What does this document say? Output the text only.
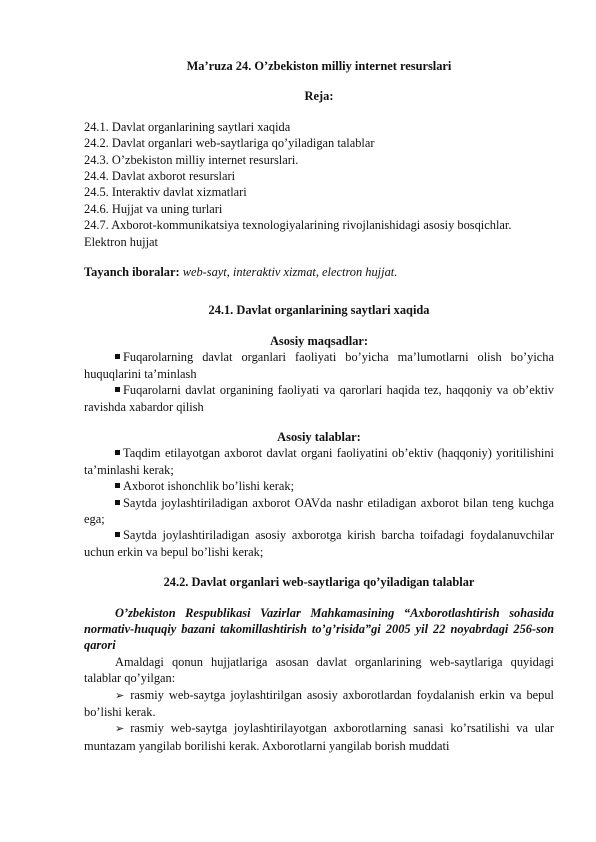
Ma’ruza 24. O’zbekiston milliy internet resurslari

Reja:

24.1. Davlat organlarining saytlari xaqida

24.2. Davlat organlari web-saytlariga qo’yiladigan talablar

24.3. O’zbekiston milliy internet resurslari.

24.4. Davlat axborot resurslari

24.5. Interaktiv davlat xizmatlari

24.6. Hujjat va uning turlari

24.7. Axborot-kommunikatsiya texnologiyalarining rivojlanishidagi asosiy bosqichlar. Elektron hujjat

Tayanch iboralar: web-sayt, interaktiv xizmat, electron hujjat.

24.1. Davlat organlarining saytlari xaqida

Asosiy maqsadlar:

Fuqarolarning davlat organlari faoliyati bo’yicha ma’lumotlarni olish bo’yicha huquqlarini ta’minlash

Fuqarolarni davlat organining faoliyati va qarorlari haqida tez, haqqoniy va ob’ektiv ravishda xabardor qilish

Asosiy talablar:

Taqdim etilayotgan axborot davlat organi faoliyatini ob’ektiv (haqqoniy) yoritilishini ta’minlashi kerak;

Axborot ishonchlik bo’lishi kerak;

Saytda joylashtiriladigan axborot OAVda nashr etiladigan axborot bilan teng kuchga ega;

Saytda joylashtiriladigan asosiy axborotga kirish barcha toifadagi foydalanuvchilar uchun erkin va bepul bo’lishi kerak;

24.2. Davlat organlari web-saytlariga qo’yiladigan talablar

O’zbekiston Respublikasi Vazirlar Mahkamasining “Axborotlashtirish sohasida normativ-huquqiy bazani takomillashtirish to’g’risida”gi 2005 yil 22 noyabrdagi 256-son qarori

Amaldagi qonun hujjatlariga asosan davlat organlarining web-saytlariga quyidagi talablar qo’yilgan:

➢ rasmiy web-saytga joylashtirilgan asosiy axborotlardan foydalanish erkin va bepul bo’lishi kerak.

➢ rasmiy web-saytga joylashtirilayotgan axborotlarning sanasi ko’rsatilishi va ular muntazam yangilab borilishi kerak. Axborotlarni yangilab borish muddati
